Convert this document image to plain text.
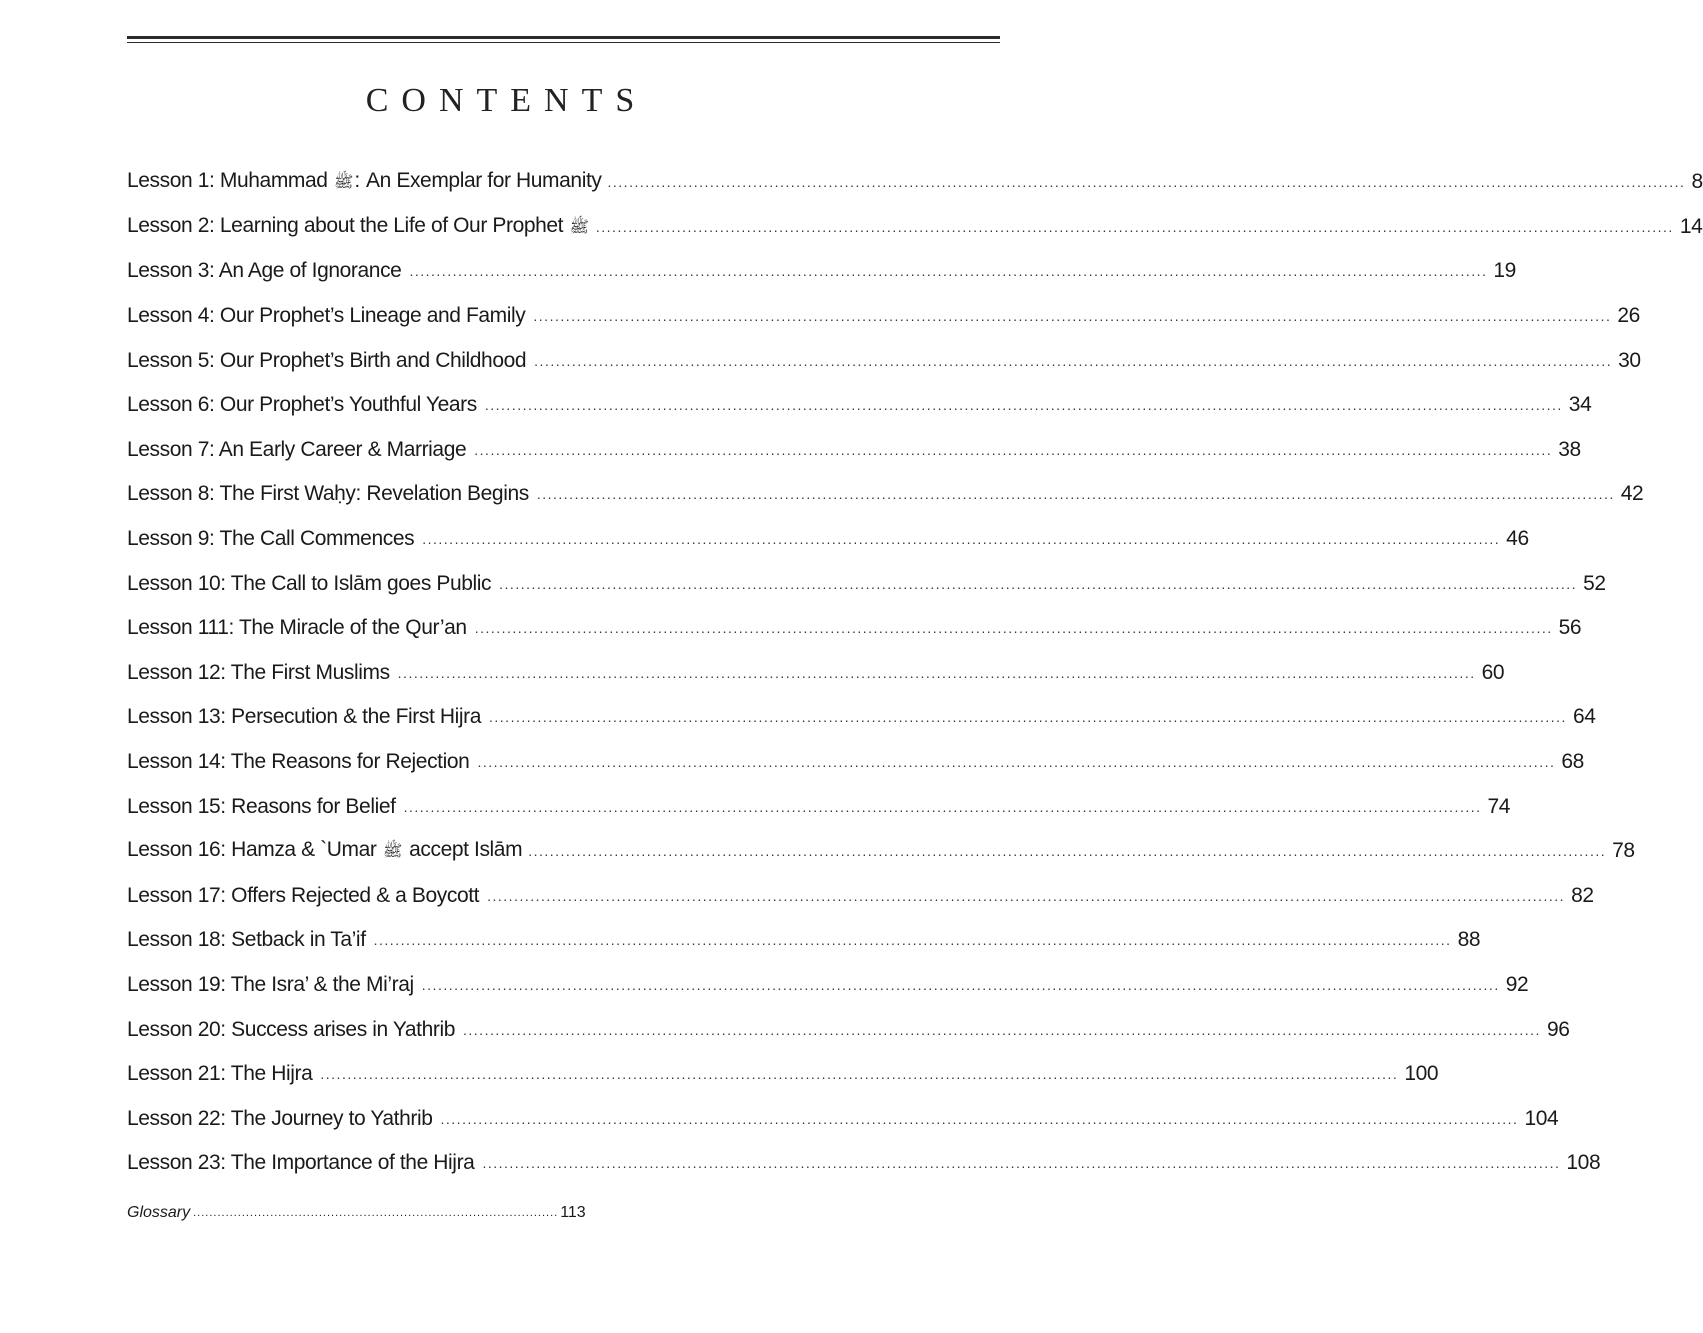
CONTENTS
Lesson 1: Muhammad ﷺ: An Exemplar for Humanity ........................................................................................................................................................................................................ 8
Lesson 2: Learning about the Life of Our Prophet ﷺ ........................................................................................................................................................................................................ 14
Lesson 3: An Age of Ignorance ........................................................................................................................................................................................................ 19
Lesson 4: Our Prophet’s Lineage and Family ........................................................................................................................................................................................................ 26
Lesson 5: Our Prophet’s Birth and Childhood ........................................................................................................................................................................................................ 30
Lesson 6: Our Prophet’s Youthful Years ........................................................................................................................................................................................................ 34
Lesson 7: An Early Career & Marriage ........................................................................................................................................................................................................ 38
Lesson 8: The First Waḥy: Revelation Begins ........................................................................................................................................................................................................ 42
Lesson 9: The Call Commences ........................................................................................................................................................................................................ 46
Lesson 10: The Call to Islām goes Public ........................................................................................................................................................................................................ 52
Lesson 111: The Miracle of the Qur’an ........................................................................................................................................................................................................ 56
Lesson 12: The First Muslims ........................................................................................................................................................................................................ 60
Lesson 13: Persecution & the First Hijra ........................................................................................................................................................................................................ 64
Lesson 14: The Reasons for Rejection ........................................................................................................................................................................................................ 68
Lesson 15: Reasons for Belief ........................................................................................................................................................................................................ 74
Lesson 16: Hamza & `Umar ﷺ accept Islām ........................................................................................................................................................................................................ 78
Lesson 17: Offers Rejected & a Boycott ........................................................................................................................................................................................................ 82
Lesson 18: Setback in Ta’if ........................................................................................................................................................................................................ 88
Lesson 19: The Isra’ & the Mi’raj ........................................................................................................................................................................................................ 92
Lesson 20: Success arises in Yathrib ........................................................................................................................................................................................................ 96
Lesson 21: The Hijra ........................................................................................................................................................................................................ 100
Lesson 22: The Journey to Yathrib ........................................................................................................................................................................................................ 104
Lesson 23: The Importance of the Hijra ........................................................................................................................................................................................................ 108
Glossary .......................................................................................... 113
